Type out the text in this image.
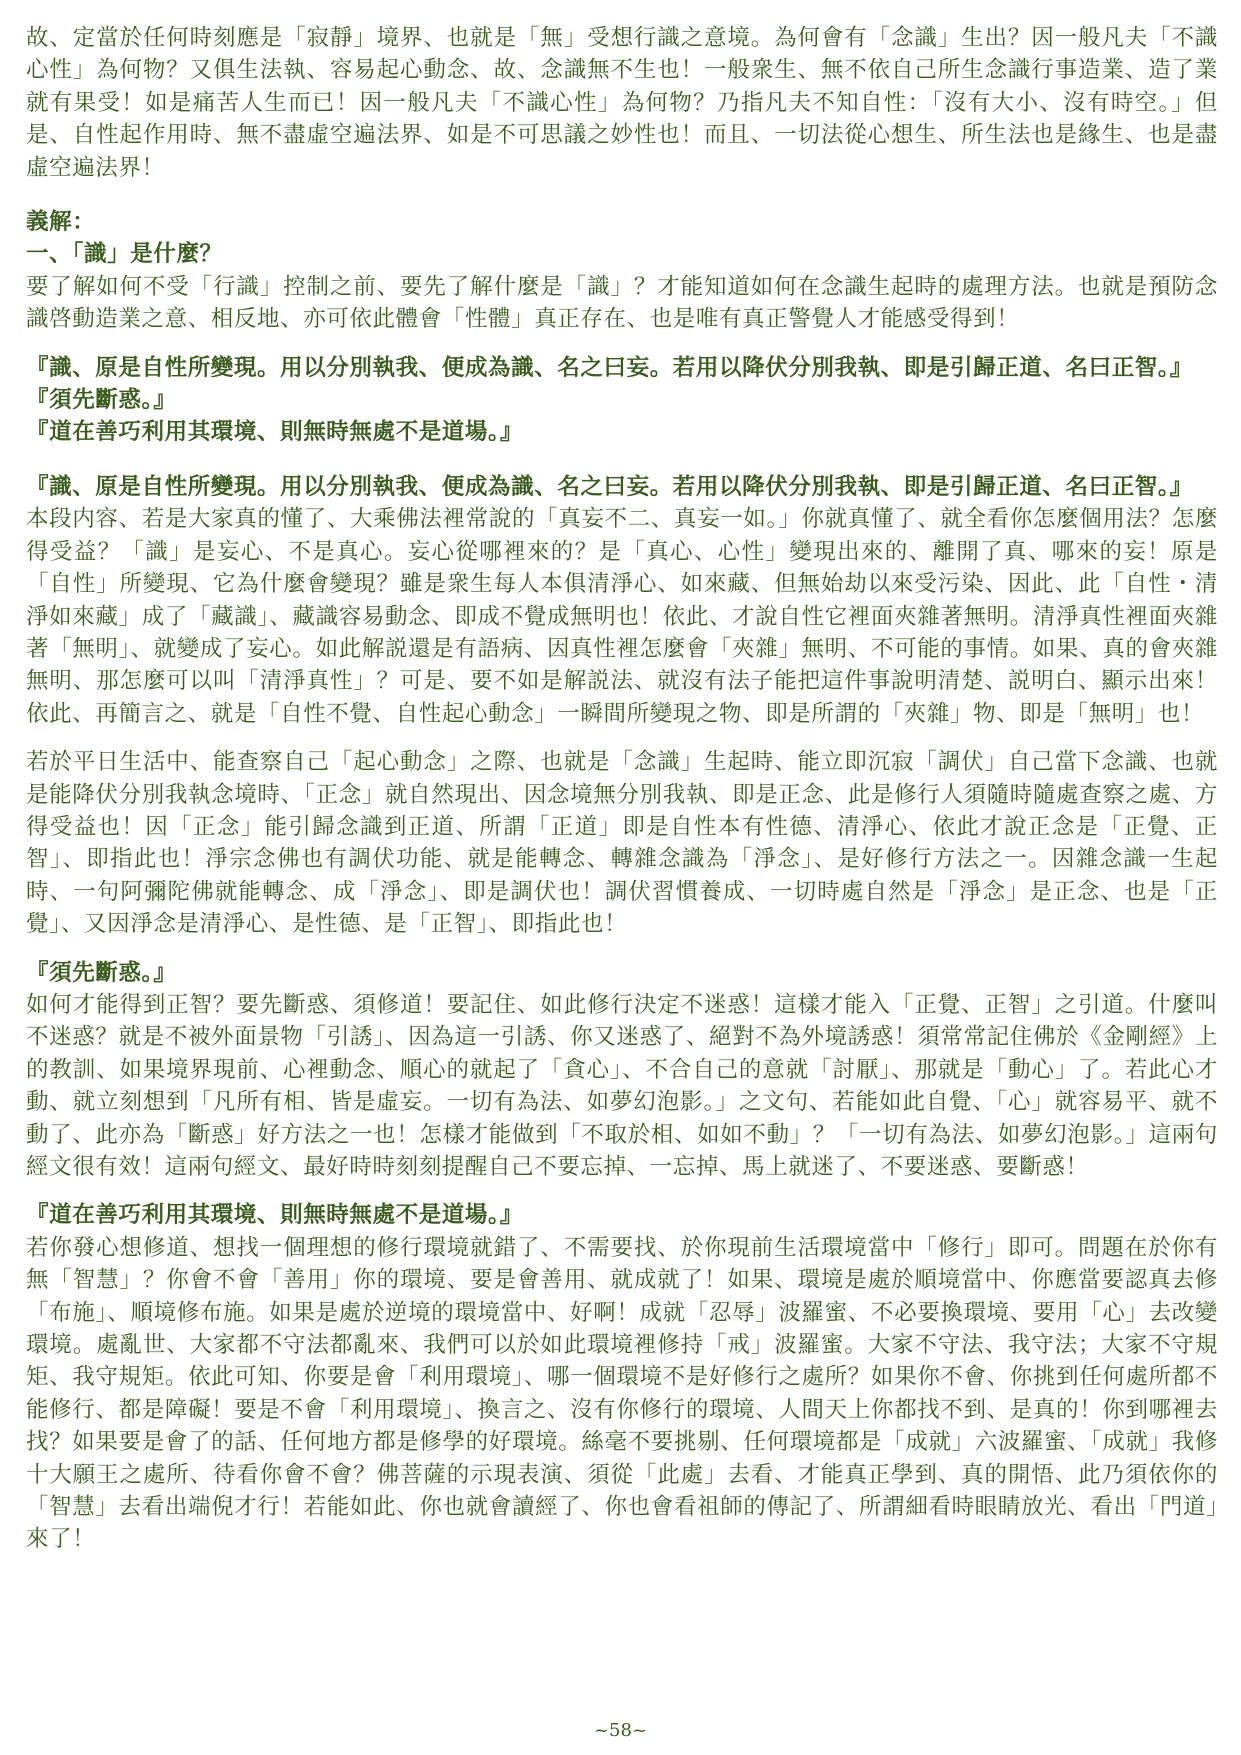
故、定當於任何時刻應是「寂靜」境界、也就是「無」受想行識之意境。為何會有「念識」生出？因一般凡夫「不識心性」為何物？又俱生法執、容易起心動念、故、念識無不生也！一般衆生、無不依自己所生念識行事造業、造了業就有果受！如是痛苦人生而已！因一般凡夫「不識心性」為何物？乃指凡夫不知自性：「沒有大小、沒有時空。」但是、自性起作用時、無不盡虛空遍法界、如是不可思議之妙性也！而且、一切法從心想生、所生法也是緣生、也是盡虛空遍法界！

義解：

一、「識」是什麼？

要了解如何不受「行識」控制之前、要先了解什麼是「識」？才能知道如何在念識生起時的處理方法。也就是預防念識啓動造業之意、相反地、亦可依此體會「性體」真正存在、也是唯有真正警覺人才能感受得到！

『識、原是自性所變現。用以分別執我、便成為識、名之曰妄。若用以降伏分別我執、即是引歸正道、名曰正智。』

『須先斷惑。』

『道在善巧利用其環境、則無時無處不是道場。』

『識、原是自性所變現。用以分別執我、便成為識、名之曰妄。若用以降伏分別我執、即是引歸正道、名曰正智。』

本段内容、若是大家真的懂了、大乘佛法裡常說的「真妄不二、真妄一如。」你就真懂了、就全看你怎麼個用法？怎麼得受益？「識」是妄心、不是真心。妄心從哪裡來的？是「真心、心性」變現出來的、離開了真、哪來的妄！原是「自性」所變現、它為什麼會變現？雖是衆生每人本俱清淨心、如來藏、但無始劫以來受污染、因此、此「自性・清淨如來藏」成了「藏識」、藏識容易動念、即成不覺成無明也！依此、才說自性它裡面夾雜著無明。清淨真性裡面夾雜著「無明」、就變成了妄心。如此解説還是有語病、因真性裡怎麼會「夾雜」無明、不可能的事情。如果、真的會夾雜無明、那怎麼可以叫「清淨真性」？可是、要不如是解説法、就沒有法子能把這件事說明清楚、説明白、顯示出來！依此、再簡言之、就是「自性不覺、自性起心動念」一瞬間所變現之物、即是所謂的「夾雜」物、即是「無明」也！

若於平日生活中、能查察自己「起心動念」之際、也就是「念識」生起時、能立即沉寂「調伏」自己當下念識、也就是能降伏分別我執念境時、「正念」就自然現出、因念境無分別我執、即是正念、此是修行人須隨時隨處查察之處、方得受益也！因「正念」能引歸念識到正道、所謂「正道」即是自性本有性德、清淨心、依此才說正念是「正覺、正智」、即指此也！淨宗念佛也有調伏功能、就是能轉念、轉雜念識為「淨念」、是好修行方法之一。因雜念識一生起時、一句阿彌陀佛就能轉念、成「淨念」、即是調伏也！調伏習慣養成、一切時處自然是「淨念」是正念、也是「正覺」、又因淨念是清淨心、是性德、是「正智」、即指此也！

『須先斷惑。』

如何才能得到正智？要先斷惑、須修道！要記住、如此修行決定不迷惑！這樣才能入「正覺、正智」之引道。什麼叫不迷惑？就是不被外面景物「引誘」、因為這一引誘、你又迷惑了、絕對不為外境誘惑！須常常記住佛於《金剛經》上的教訓、如果境界現前、心裡動念、順心的就起了「貪心」、不合自己的意就「討厭」、那就是「動心」了。若此心才動、就立刻想到「凡所有相、皆是虛妄。一切有為法、如夢幻泡影。」之文句、若能如此自覺、「心」就容易平、就不動了、此亦為「斷惑」好方法之一也！怎樣才能做到「不取於相、如如不動」？「一切有為法、如夢幻泡影。」這兩句經文很有效！這兩句經文、最好時時刻刻提醒自己不要忘掉、一忘掉、馬上就迷了、不要迷惑、要斷惑！

『道在善巧利用其環境、則無時無處不是道場。』

若你發心想修道、想找一個理想的修行環境就錯了、不需要找、於你現前生活環境當中「修行」即可。問題在於你有無「智慧」？你會不會「善用」你的環境、要是會善用、就成就了！如果、環境是處於順境當中、你應當要認真去修「布施」、順境修布施。如果是處於逆境的環境當中、好啊！成就「忍辱」波羅蜜、不必要換環境、要用「心」去改變環境。處亂世、大家都不守法都亂來、我們可以於如此環境裡修持「戒」波羅蜜。大家不守法、我守法；大家不守規矩、我守規矩。依此可知、你要是會「利用環境」、哪一個環境不是好修行之處所？如果你不會、你挑到任何處所都不能修行、都是障礙！要是不會「利用環境」、換言之、沒有你修行的環境、人間天上你都找不到、是真的！你到哪裡去找？如果要是會了的話、任何地方都是修學的好環境。絲毫不要挑剔、任何環境都是「成就」六波羅蜜、「成就」我修十大願王之處所、待看你會不會？佛菩薩的示現表演、須從「此處」去看、才能真正學到、真的開悟、此乃須依你的「智慧」去看出端倪才行！若能如此、你也就會讀經了、你也會看祖師的傳記了、所謂細看時眼睛放光、看出「門道」來了！

~58~
